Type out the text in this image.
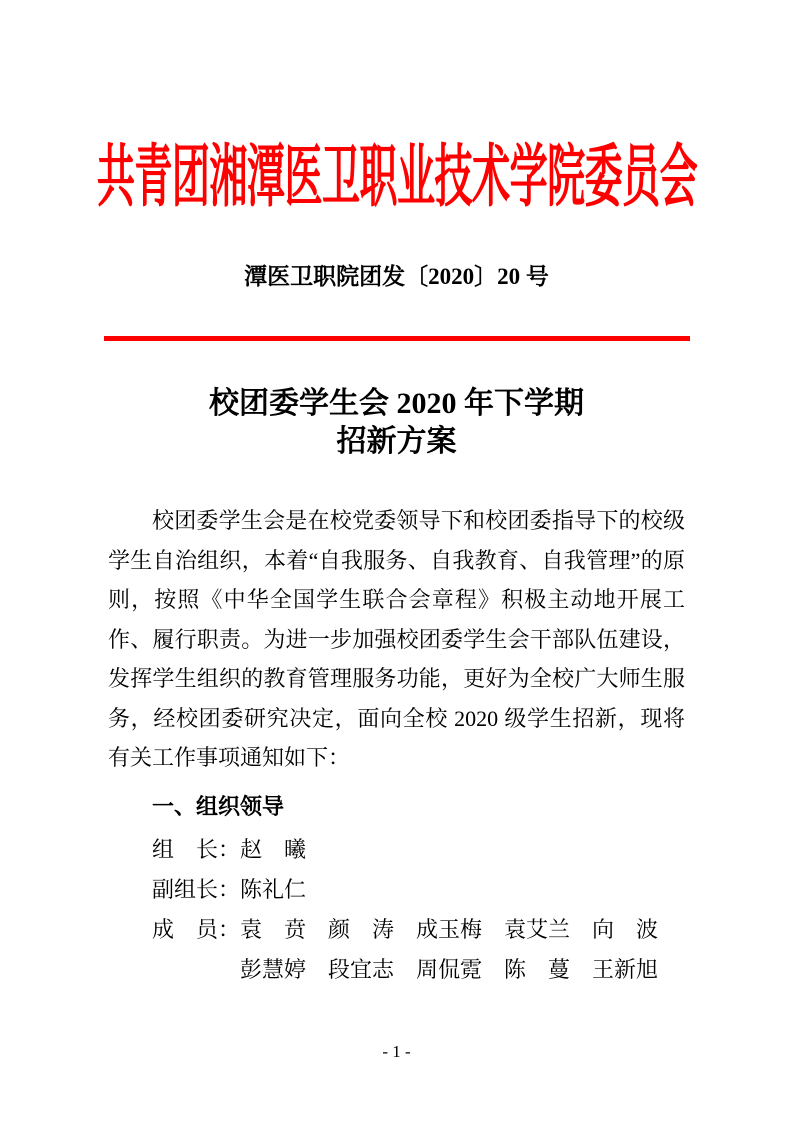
共青团湘潭医卫职业技术学院委员会
潭医卫职院团发〔2020〕20 号
校团委学生会 2020 年下学期
招新方案

校团委学生会是在校党委领导下和校团委指导下的校级学生自治组织，本着“自我服务、自我教育、自我管理”的原则，按照《中华全国学生联合会章程》积极主动地开展工作、履行职责。为进一步加强校团委学生会干部队伍建设，发挥学生组织的教育管理服务功能，更好为全校广大师生服务，经校团委研究决定，面向全校 2020 级学生招新，现将有关工作事项通知如下：

一、组织领导
组　长：赵　曦
副组长：陈礼仁
成　员：袁　贲　颜　涛　成玉梅　袁艾兰　向　波
彭慧婷　段宜志　周侃霓　陈　蔓　王新旭
- 1 -
